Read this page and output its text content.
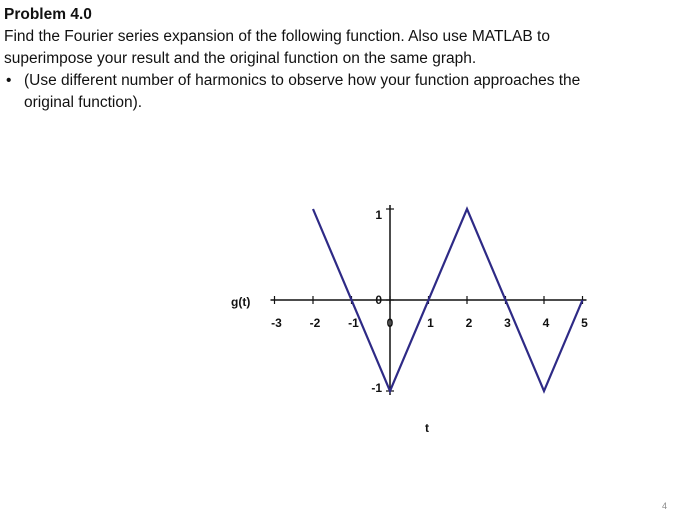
Problem 4.0

Find the Fourier series expansion of the following function. Also use MATLAB to

superimpose your result and the original function on the same graph.

• (Use different number of harmonics to observe how your function approaches the
original function).

-3 -2 -1 0	1	2	3	4	5
1
0
-1
g(t)
t
4
